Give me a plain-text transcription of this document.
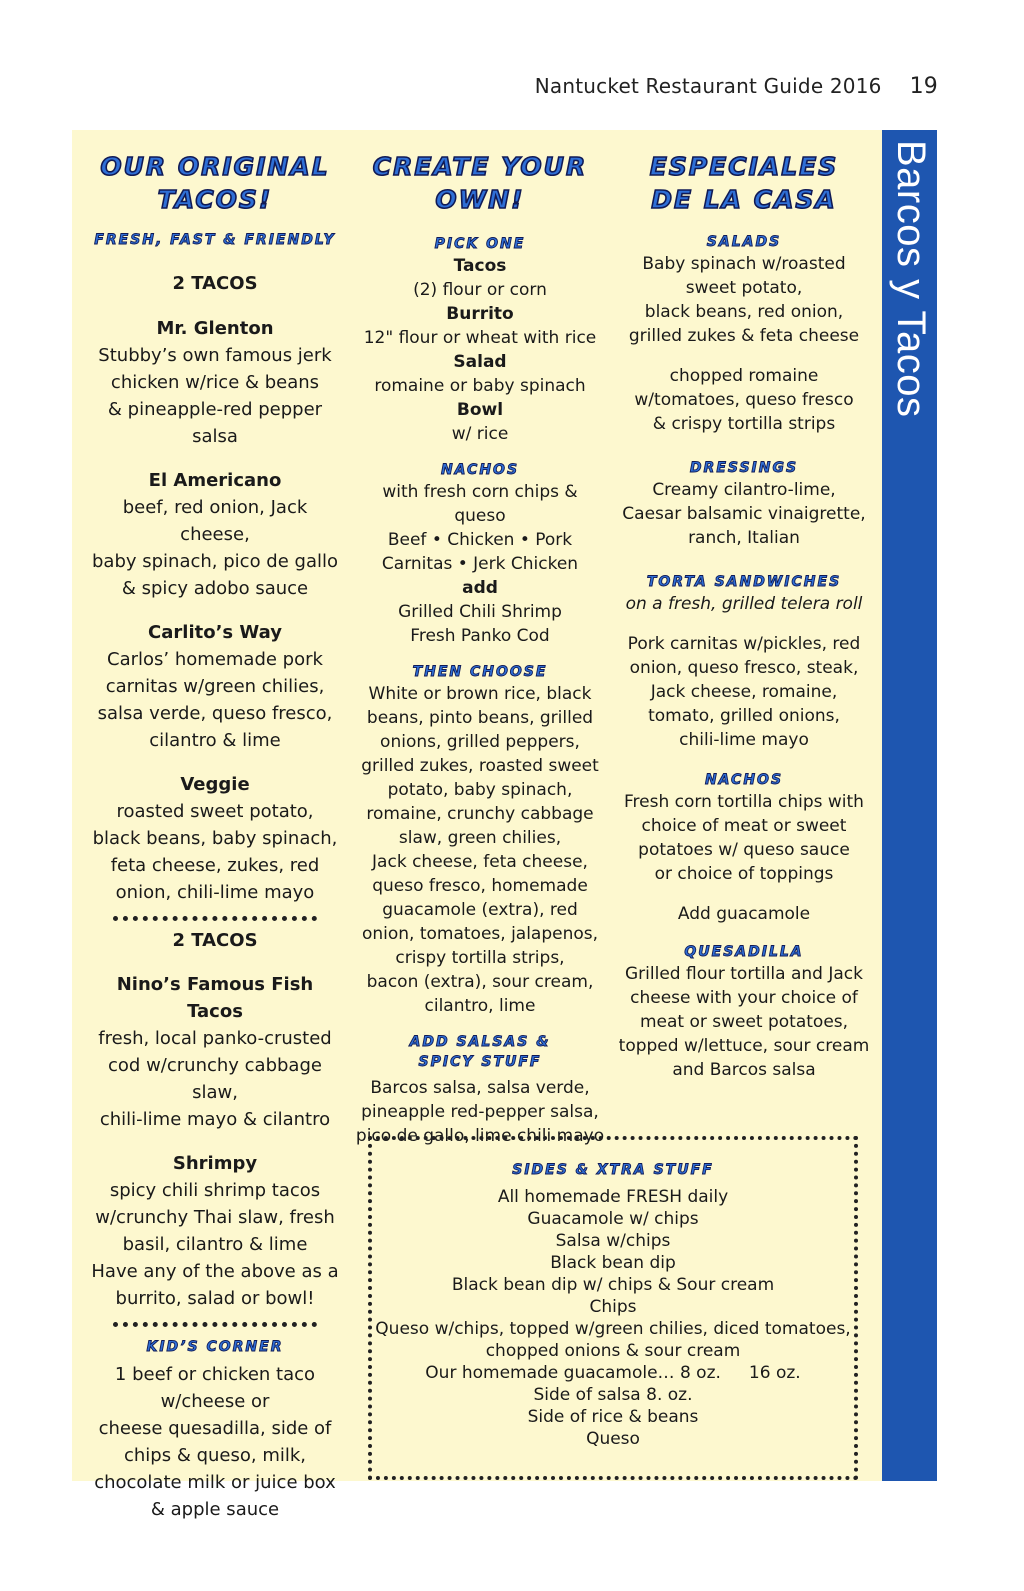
Nantucket Restaurant Guide 2016 19
Barcos y Tacos
OUR ORIGINAL
TACOS!
FRESH, FAST & FRIENDLY
2 TACOS
Mr. Glenton
Stubby’s own famous jerk
chicken w/rice & beans
& pineapple-red pepper salsa
El Americano
beef, red onion, Jack cheese,
baby spinach, pico de gallo
& spicy adobo sauce
Carlito’s Way
Carlos’ homemade pork
carnitas w/green chilies,
salsa verde, queso fresco,
cilantro & lime
Veggie
roasted sweet potato,
black beans, baby spinach,
feta cheese, zukes, red
onion, chili-lime mayo
2 TACOS
Nino’s Famous Fish Tacos
fresh, local panko-crusted
cod w/crunchy cabbage slaw,
chili-lime mayo & cilantro
Shrimpy
spicy chili shrimp tacos
w/crunchy Thai slaw, fresh
basil, cilantro & lime
Have any of the above as a
burrito, salad or bowl!
KID’S CORNER
1 beef or chicken taco
w/cheese or
cheese quesadilla, side of
chips & queso, milk,
chocolate milk or juice box
& apple sauce
CREATE YOUR
OWN!
PICK ONE
Tacos
(2) flour or corn
Burrito
12" flour or wheat with rice
Salad
romaine or baby spinach
Bowl
w/ rice
NACHOS
with fresh corn chips & queso
Beef • Chicken • Pork
Carnitas • Jerk Chicken
add
Grilled Chili Shrimp
Fresh Panko Cod
THEN CHOOSE
White or brown rice, black
beans, pinto beans, grilled
onions, grilled peppers,
grilled zukes, roasted sweet
potato, baby spinach,
romaine, crunchy cabbage
slaw, green chilies,
Jack cheese, feta cheese,
queso fresco, homemade
guacamole (extra), red
onion, tomatoes, jalapenos,
crispy tortilla strips,
bacon (extra), sour cream,
cilantro, lime
ADD SALSAS &
SPICY STUFF
Barcos salsa, salsa verde,
pineapple red-pepper salsa,
pico de gallo, lime chili mayo
ESPECIALES
DE LA CASA
SALADS
Baby spinach w/roasted
sweet potato,
black beans, red onion,
grilled zukes & feta cheese
chopped romaine
w/tomatoes, queso fresco
& crispy tortilla strips
DRESSINGS
Creamy cilantro-lime,
Caesar balsamic vinaigrette,
ranch, Italian
TORTA SANDWICHES
on a fresh, grilled telera roll
Pork carnitas w/pickles, red
onion, queso fresco, steak,
Jack cheese, romaine,
tomato, grilled onions,
chili-lime mayo
NACHOS
Fresh corn tortilla chips with
choice of meat or sweet
potatoes w/ queso sauce
or choice of toppings
Add guacamole
QUESADILLA
Grilled flour tortilla and Jack
cheese with your choice of
meat or sweet potatoes,
topped w/lettuce, sour cream
and Barcos salsa
SIDES & XTRA STUFF
All homemade FRESH daily
Guacamole w/ chips
Salsa w/chips
Black bean dip
Black bean dip w/ chips & Sour cream
Chips
Queso w/chips, topped w/green chilies, diced tomatoes,
chopped onions & sour cream
Our homemade guacamole… 8 oz. 16 oz.
Side of salsa 8. oz.
Side of rice & beans
Queso
